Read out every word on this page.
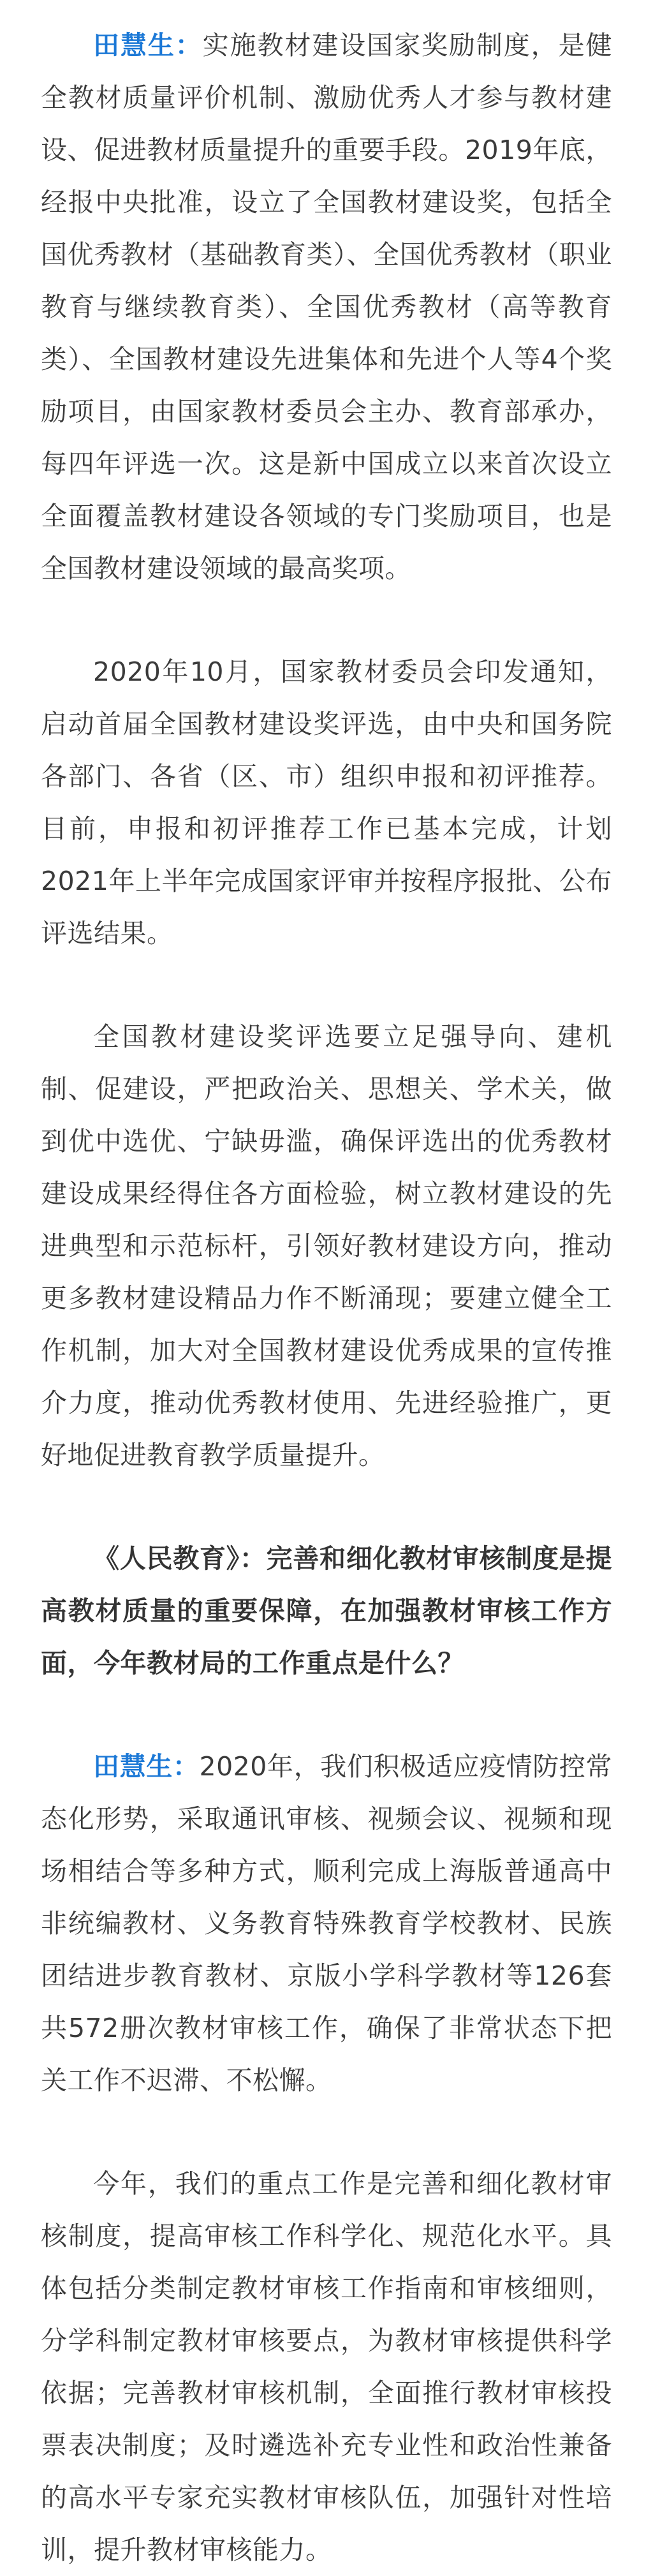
田慧生：实施教材建设国家奖励制度，是健全教材质量评价机制、激励优秀人才参与教材建设、促进教材质量提升的重要手段。2019年底，经报中央批准，设立了全国教材建设奖，包括全国优秀教材（基础教育类）、全国优秀教材（职业教育与继续教育类）、全国优秀教材（高等教育类）、全国教材建设先进集体和先进个人等4个奖励项目，由国家教材委员会主办、教育部承办，每四年评选一次。这是新中国成立以来首次设立全面覆盖教材建设各领域的专门奖励项目，也是全国教材建设领域的最高奖项。

2020年10月，国家教材委员会印发通知，启动首届全国教材建设奖评选，由中央和国务院各部门、各省（区、市）组织申报和初评推荐。目前，申报和初评推荐工作已基本完成，计划2021年上半年完成国家评审并按程序报批、公布评选结果。

全国教材建设奖评选要立足强导向、建机制、促建设，严把政治关、思想关、学术关，做到优中选优、宁缺毋滥，确保评选出的优秀教材建设成果经得住各方面检验，树立教材建设的先进典型和示范标杆，引领好教材建设方向，推动更多教材建设精品力作不断涌现；要建立健全工作机制，加大对全国教材建设优秀成果的宣传推介力度，推动优秀教材使用、先进经验推广，更好地促进教育教学质量提升。

《人民教育》：完善和细化教材审核制度是提高教材质量的重要保障，在加强教材审核工作方面，今年教材局的工作重点是什么？

田慧生：2020年，我们积极适应疫情防控常态化形势，采取通讯审核、视频会议、视频和现场相结合等多种方式，顺利完成上海版普通高中非统编教材、义务教育特殊教育学校教材、民族团结进步教育教材、京版小学科学教材等126套共572册次教材审核工作，确保了非常状态下把关工作不迟滞、不松懈。

今年，我们的重点工作是完善和细化教材审核制度，提高审核工作科学化、规范化水平。具体包括分类制定教材审核工作指南和审核细则，分学科制定教材审核要点，为教材审核提供科学依据；完善教材审核机制，全面推行教材审核投票表决制度；及时遴选补充专业性和政治性兼备的高水平专家充实教材审核队伍，加强针对性培训，提升教材审核能力。
